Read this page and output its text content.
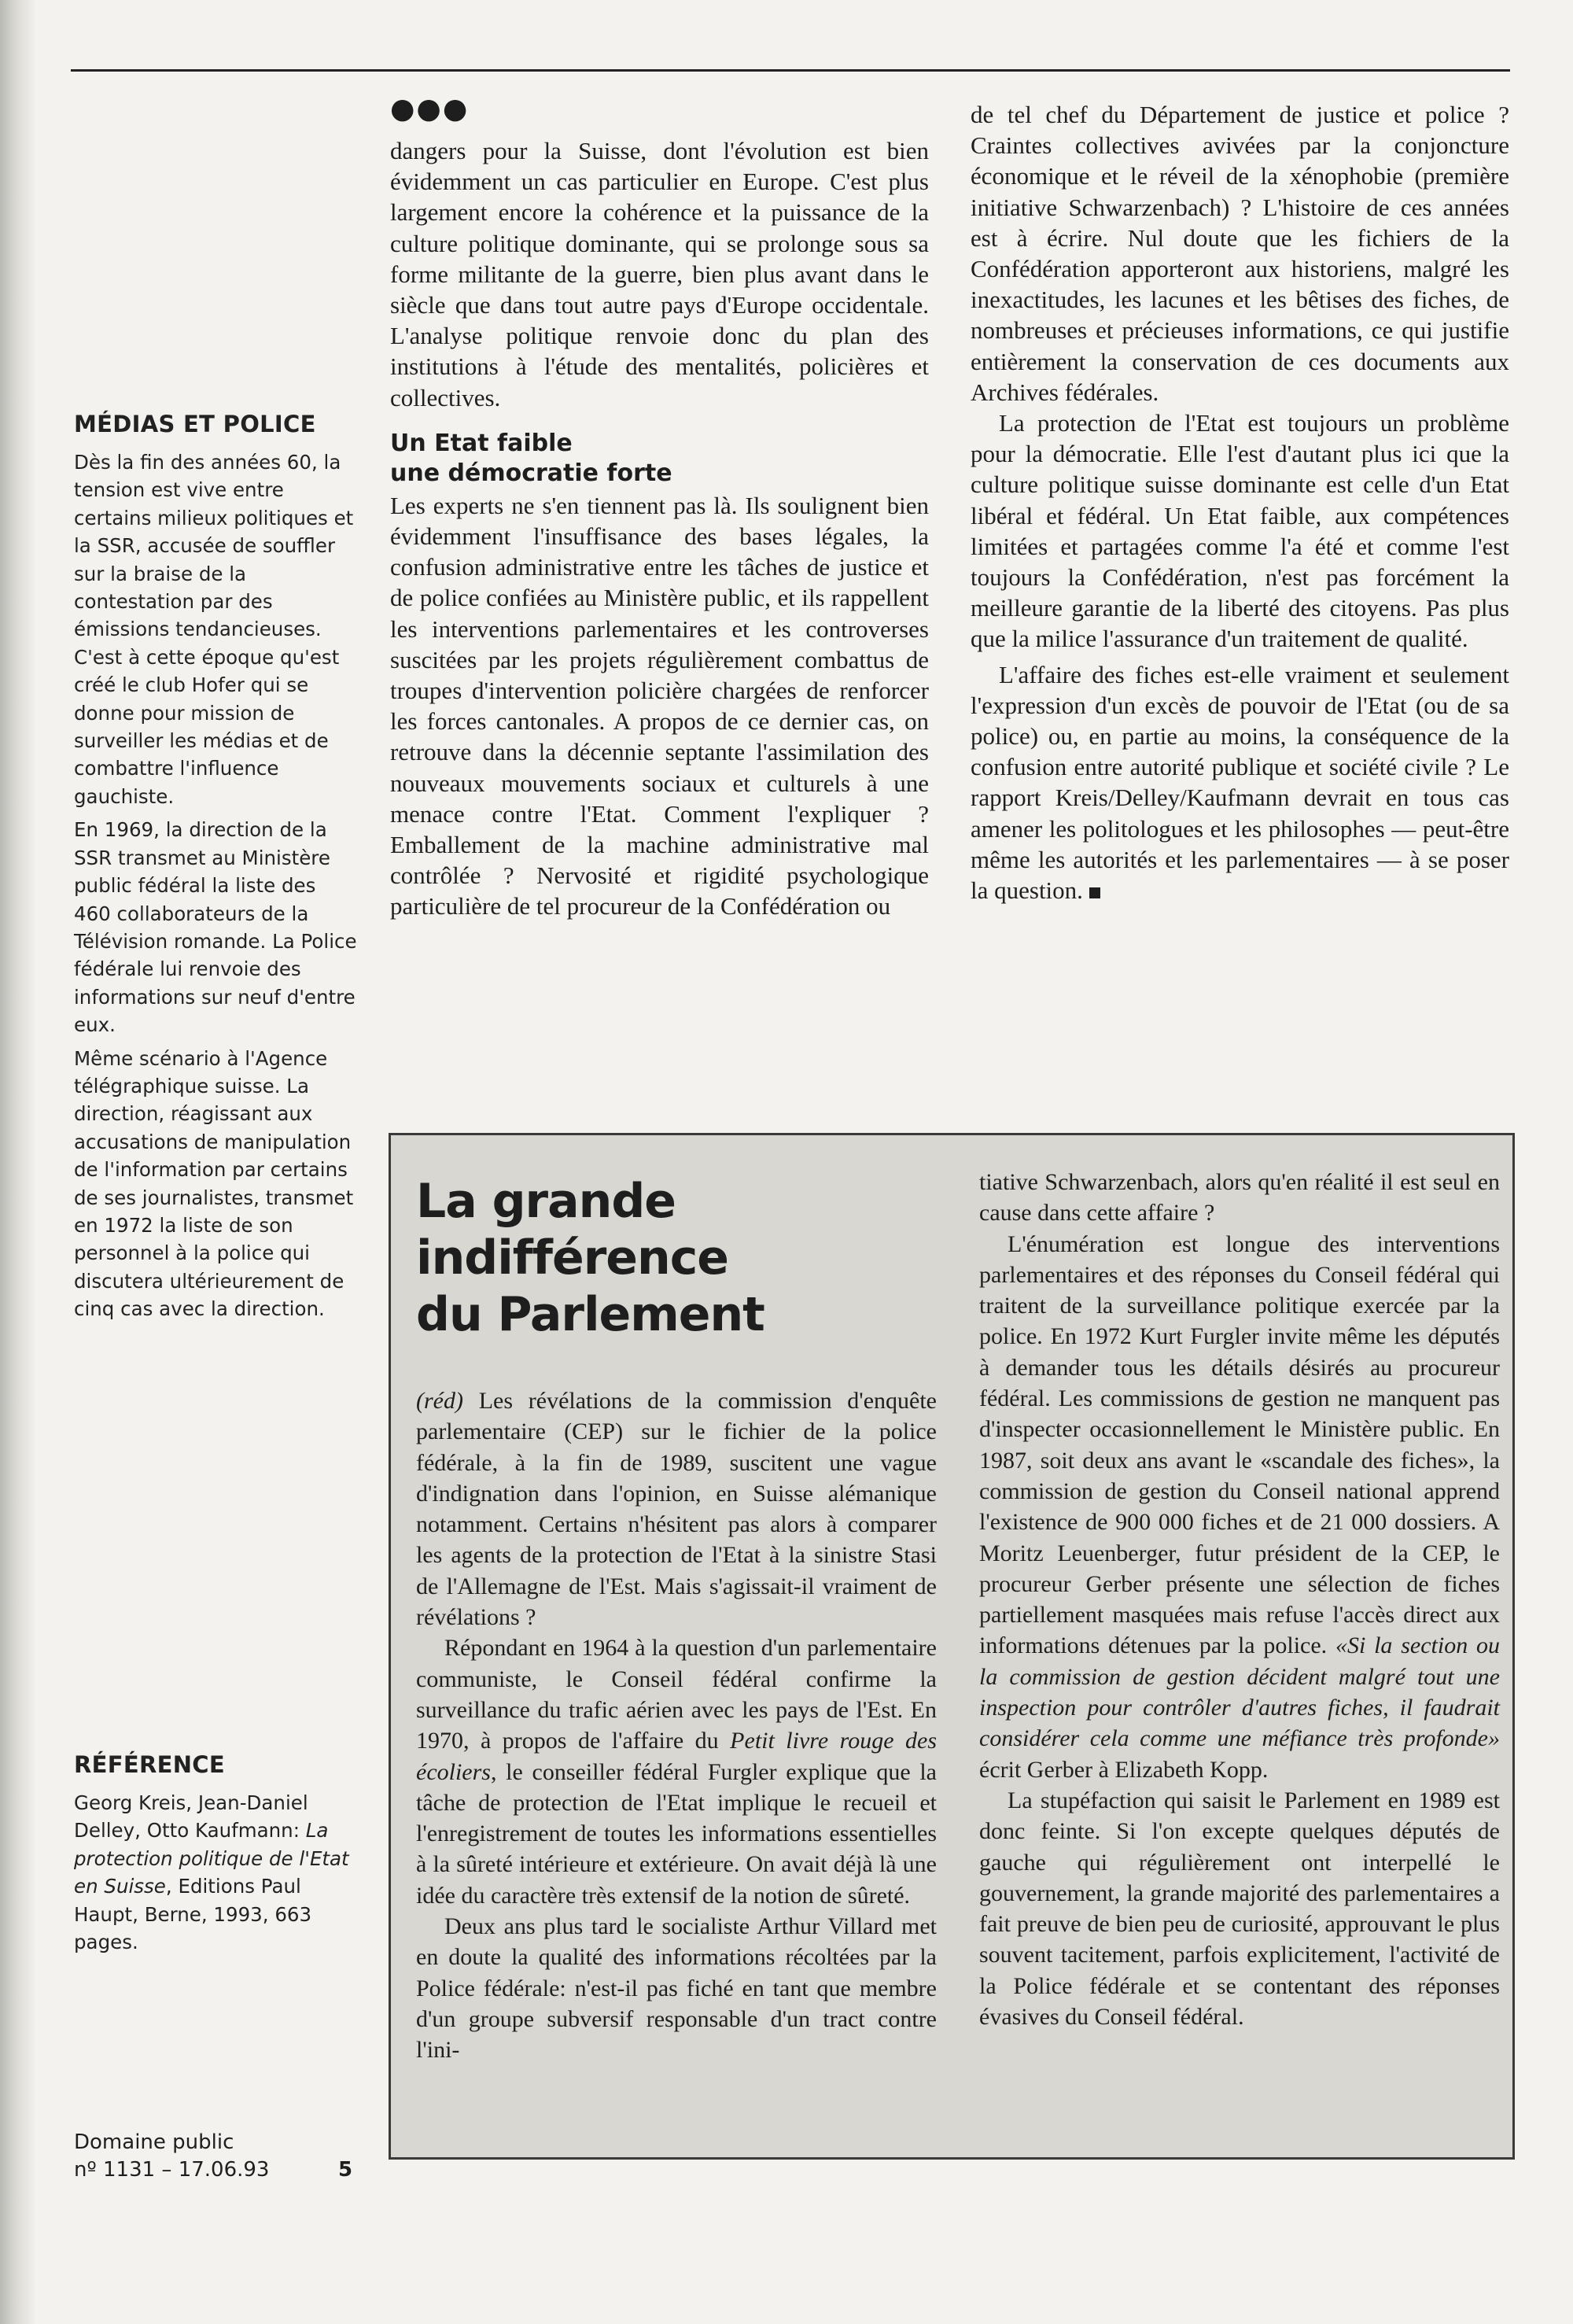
MÉDIAS ET POLICE

Dès la fin des années 60, la tension est vive entre certains milieux politiques et la SSR, accusée de souffler sur la braise de la contestation par des émissions tendancieuses. C'est à cette époque qu'est créé le club Hofer qui se donne pour mission de surveiller les médias et de combattre l'influence gauchiste.

En 1969, la direction de la SSR transmet au Ministère public fédéral la liste des 460 collaborateurs de la Télévision romande. La Police fédérale lui renvoie des informations sur neuf d'entre eux.

Même scénario à l'Agence télégraphique suisse. La direction, réagissant aux accusations de manipulation de l'information par certains de ses journalistes, transmet en 1972 la liste de son personnel à la police qui discutera ultérieurement de cinq cas avec la direction.

RÉFÉRENCE

Georg Kreis, Jean-Daniel Delley, Otto Kaufmann: La protection politique de l'Etat en Suisse, Editions Paul Haupt, Berne, 1993, 663 pages.

Domaine public
nº 1131 – 17.06.93	5
●●●

dangers pour la Suisse, dont l'évolution est bien évidemment un cas particulier en Europe. C'est plus largement encore la cohérence et la puissance de la culture politique dominante, qui se prolonge sous sa forme militante de la guerre, bien plus avant dans le siècle que dans tout autre pays d'Europe occidentale. L'analyse politique renvoie donc du plan des institutions à l'étude des mentalités, policières et collectives.

Un Etat faible
une démocratie forte

Les experts ne s'en tiennent pas là. Ils soulignent bien évidemment l'insuffisance des bases légales, la confusion administrative entre les tâches de justice et de police confiées au Ministère public, et ils rappellent les interventions parlementaires et les controverses suscitées par les projets régulièrement combattus de troupes d'intervention policière chargées de renforcer les forces cantonales. A propos de ce dernier cas, on retrouve dans la décennie septante l'assimilation des nouveaux mouvements sociaux et culturels à une menace contre l'Etat. Comment l'expliquer ? Emballement de la machine administrative mal contrôlée ? Nervosité et rigidité psychologique particulière de tel procureur de la Confédération ou

de tel chef du Département de justice et police ? Craintes collectives avivées par la conjoncture économique et le réveil de la xénophobie (première initiative Schwarzenbach) ? L'histoire de ces années est à écrire. Nul doute que les fichiers de la Confédération apporteront aux historiens, malgré les inexactitudes, les lacunes et les bêtises des fiches, de nombreuses et précieuses informations, ce qui justifie entièrement la conservation de ces documents aux Archives fédérales.

La protection de l'Etat est toujours un problème pour la démocratie. Elle l'est d'autant plus ici que la culture politique suisse dominante est celle d'un Etat libéral et fédéral. Un Etat faible, aux compétences limitées et partagées comme l'a été et comme l'est toujours la Confédération, n'est pas forcément la meilleure garantie de la liberté des citoyens. Pas plus que la milice l'assurance d'un traitement de qualité.

L'affaire des fiches est-elle vraiment et seulement l'expression d'un excès de pouvoir de l'Etat (ou de sa police) ou, en partie au moins, la conséquence de la confusion entre autorité publique et société civile ? Le rapport Kreis/Delley/Kaufmann devrait en tous cas amener les politologues et les philosophes — peut-être même les autorités et les parlementaires — à se poser la question.

La grande
indifférence
du Parlement

(réd) Les révélations de la commission d'enquête parlementaire (CEP) sur le fichier de la police fédérale, à la fin de 1989, suscitent une vague d'indignation dans l'opinion, en Suisse alémanique notamment. Certains n'hésitent pas alors à comparer les agents de la protection de l'Etat à la sinistre Stasi de l'Allemagne de l'Est. Mais s'agissait-il vraiment de révélations ?

Répondant en 1964 à la question d'un parlementaire communiste, le Conseil fédéral confirme la surveillance du trafic aérien avec les pays de l'Est. En 1970, à propos de l'affaire du Petit livre rouge des écoliers, le conseiller fédéral Furgler explique que la tâche de protection de l'Etat implique le recueil et l'enregistrement de toutes les informations essentielles à la sûreté intérieure et extérieure. On avait déjà là une idée du caractère très extensif de la notion de sûreté.

Deux ans plus tard le socialiste Arthur Villard met en doute la qualité des informations récoltées par la Police fédérale: n'est-il pas fiché en tant que membre d'un groupe subversif responsable d'un tract contre l'ini-

tiative Schwarzenbach, alors qu'en réalité il est seul en cause dans cette affaire ?

L'énumération est longue des interventions parlementaires et des réponses du Conseil fédéral qui traitent de la surveillance politique exercée par la police. En 1972 Kurt Furgler invite même les députés à demander tous les détails désirés au procureur fédéral. Les commissions de gestion ne manquent pas d'inspecter occasionnellement le Ministère public. En 1987, soit deux ans avant le «scandale des fiches», la commission de gestion du Conseil national apprend l'existence de 900 000 fiches et de 21 000 dossiers. A Moritz Leuenberger, futur président de la CEP, le procureur Gerber présente une sélection de fiches partiellement masquées mais refuse l'accès direct aux informations détenues par la police. «Si la section ou la commission de gestion décident malgré tout une inspection pour contrôler d'autres fiches, il faudrait considérer cela comme une méfiance très profonde» écrit Gerber à Elizabeth Kopp.

La stupéfaction qui saisit le Parlement en 1989 est donc feinte. Si l'on excepte quelques députés de gauche qui régulièrement ont interpellé le gouvernement, la grande majorité des parlementaires a fait preuve de bien peu de curiosité, approuvant le plus souvent tacitement, parfois explicitement, l'activité de la Police fédérale et se contentant des réponses évasives du Conseil fédéral.
